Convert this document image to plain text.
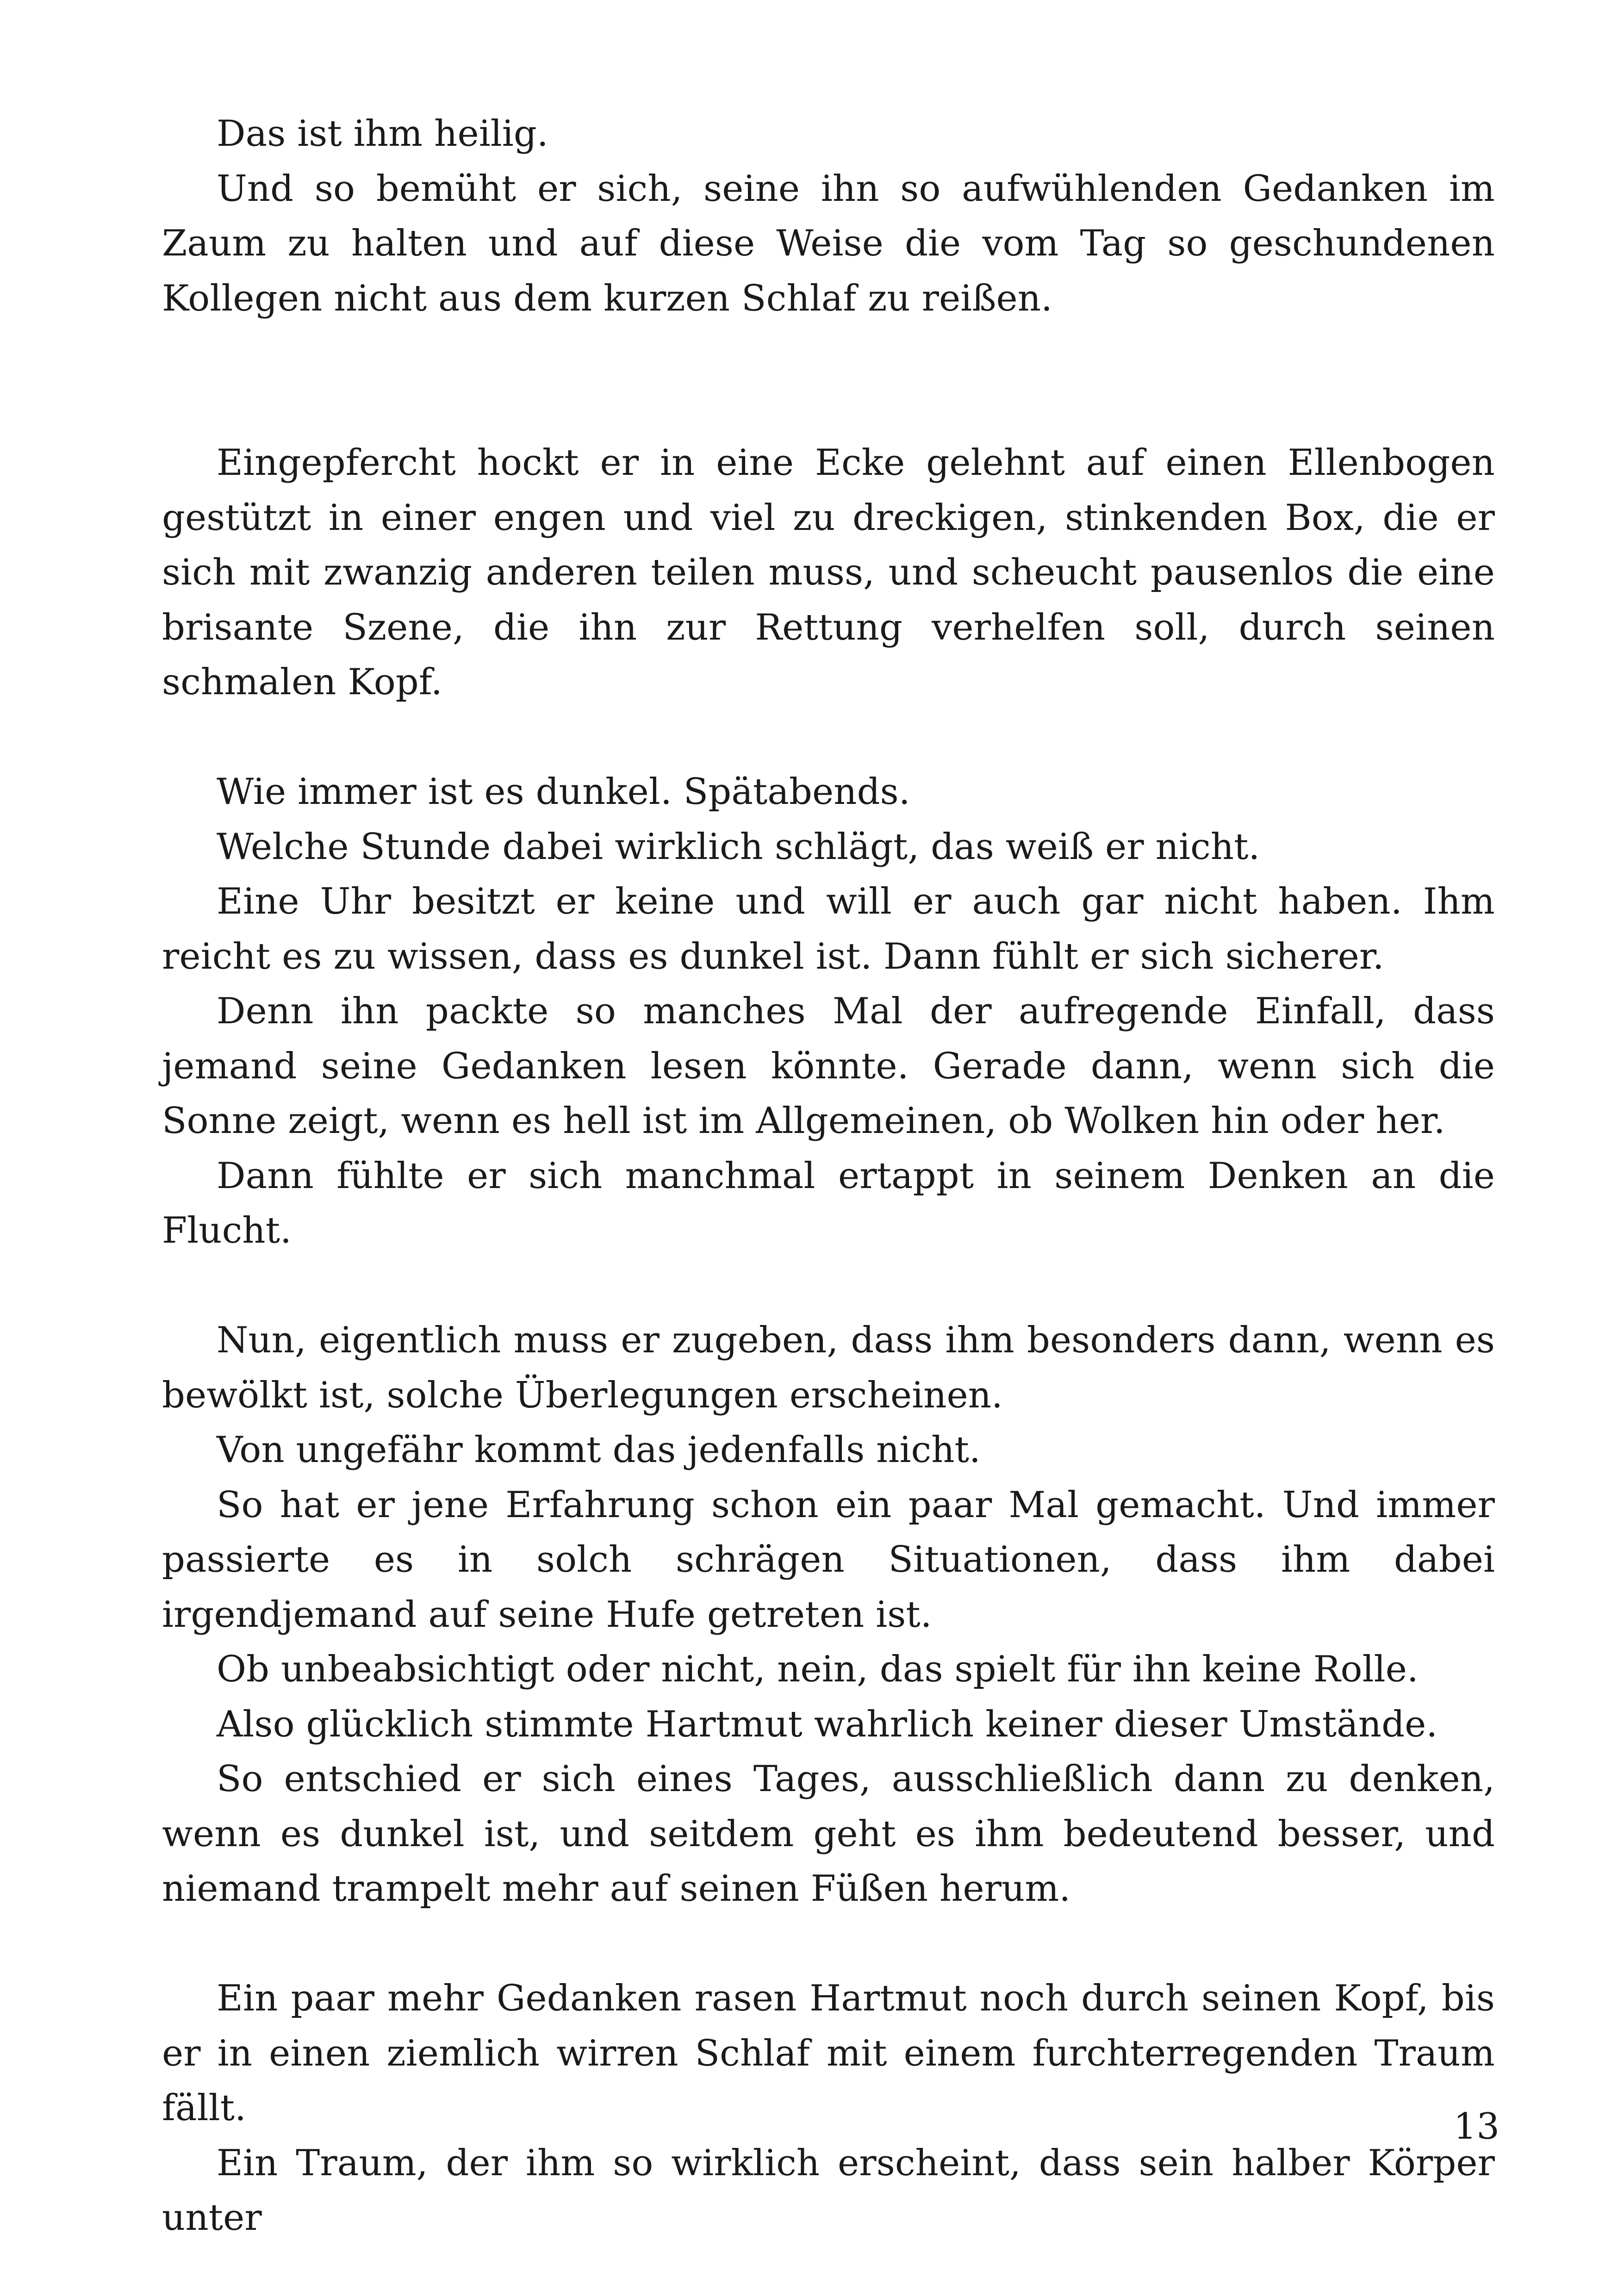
Das ist ihm heilig.

Und so bemüht er sich, seine ihn so aufwühlenden Gedanken im Zaum zu halten und auf diese Weise die vom Tag so geschundenen Kollegen nicht aus dem kurzen Schlaf zu reißen.

Eingepfercht hockt er in eine Ecke gelehnt auf einen Ellenbogen gestützt in einer engen und viel zu dreckigen, stinkenden Box, die er sich mit zwanzig anderen teilen muss, und scheucht pausenlos die eine brisante Szene, die ihn zur Rettung verhelfen soll, durch seinen schmalen Kopf.

Wie immer ist es dunkel. Spätabends.

Welche Stunde dabei wirklich schlägt, das weiß er nicht.

Eine Uhr besitzt er keine und will er auch gar nicht haben. Ihm reicht es zu wissen, dass es dunkel ist. Dann fühlt er sich sicherer.

Denn ihn packte so manches Mal der aufregende Einfall, dass jemand seine Gedanken lesen könnte. Gerade dann, wenn sich die Sonne zeigt, wenn es hell ist im Allgemeinen, ob Wolken hin oder her.

Dann fühlte er sich manchmal ertappt in seinem Denken an die Flucht.

Nun, eigentlich muss er zugeben, dass ihm besonders dann, wenn es bewölkt ist, solche Überlegungen erscheinen.

Von ungefähr kommt das jedenfalls nicht.

So hat er jene Erfahrung schon ein paar Mal gemacht. Und immer passierte es in solch schrägen Situationen, dass ihm dabei irgendjemand auf seine Hufe getreten ist.

Ob unbeabsichtigt oder nicht, nein, das spielt für ihn keine Rolle.

Also glücklich stimmte Hartmut wahrlich keiner dieser Umstände.

So entschied er sich eines Tages, ausschließlich dann zu denken, wenn es dunkel ist, und seitdem geht es ihm bedeutend besser, und niemand trampelt mehr auf seinen Füßen herum.

Ein paar mehr Gedanken rasen Hartmut noch durch seinen Kopf, bis er in einen ziemlich wirren Schlaf mit einem furchterregenden Traum fällt.

Ein Traum, der ihm so wirklich erscheint, dass sein halber Körper unter

13
